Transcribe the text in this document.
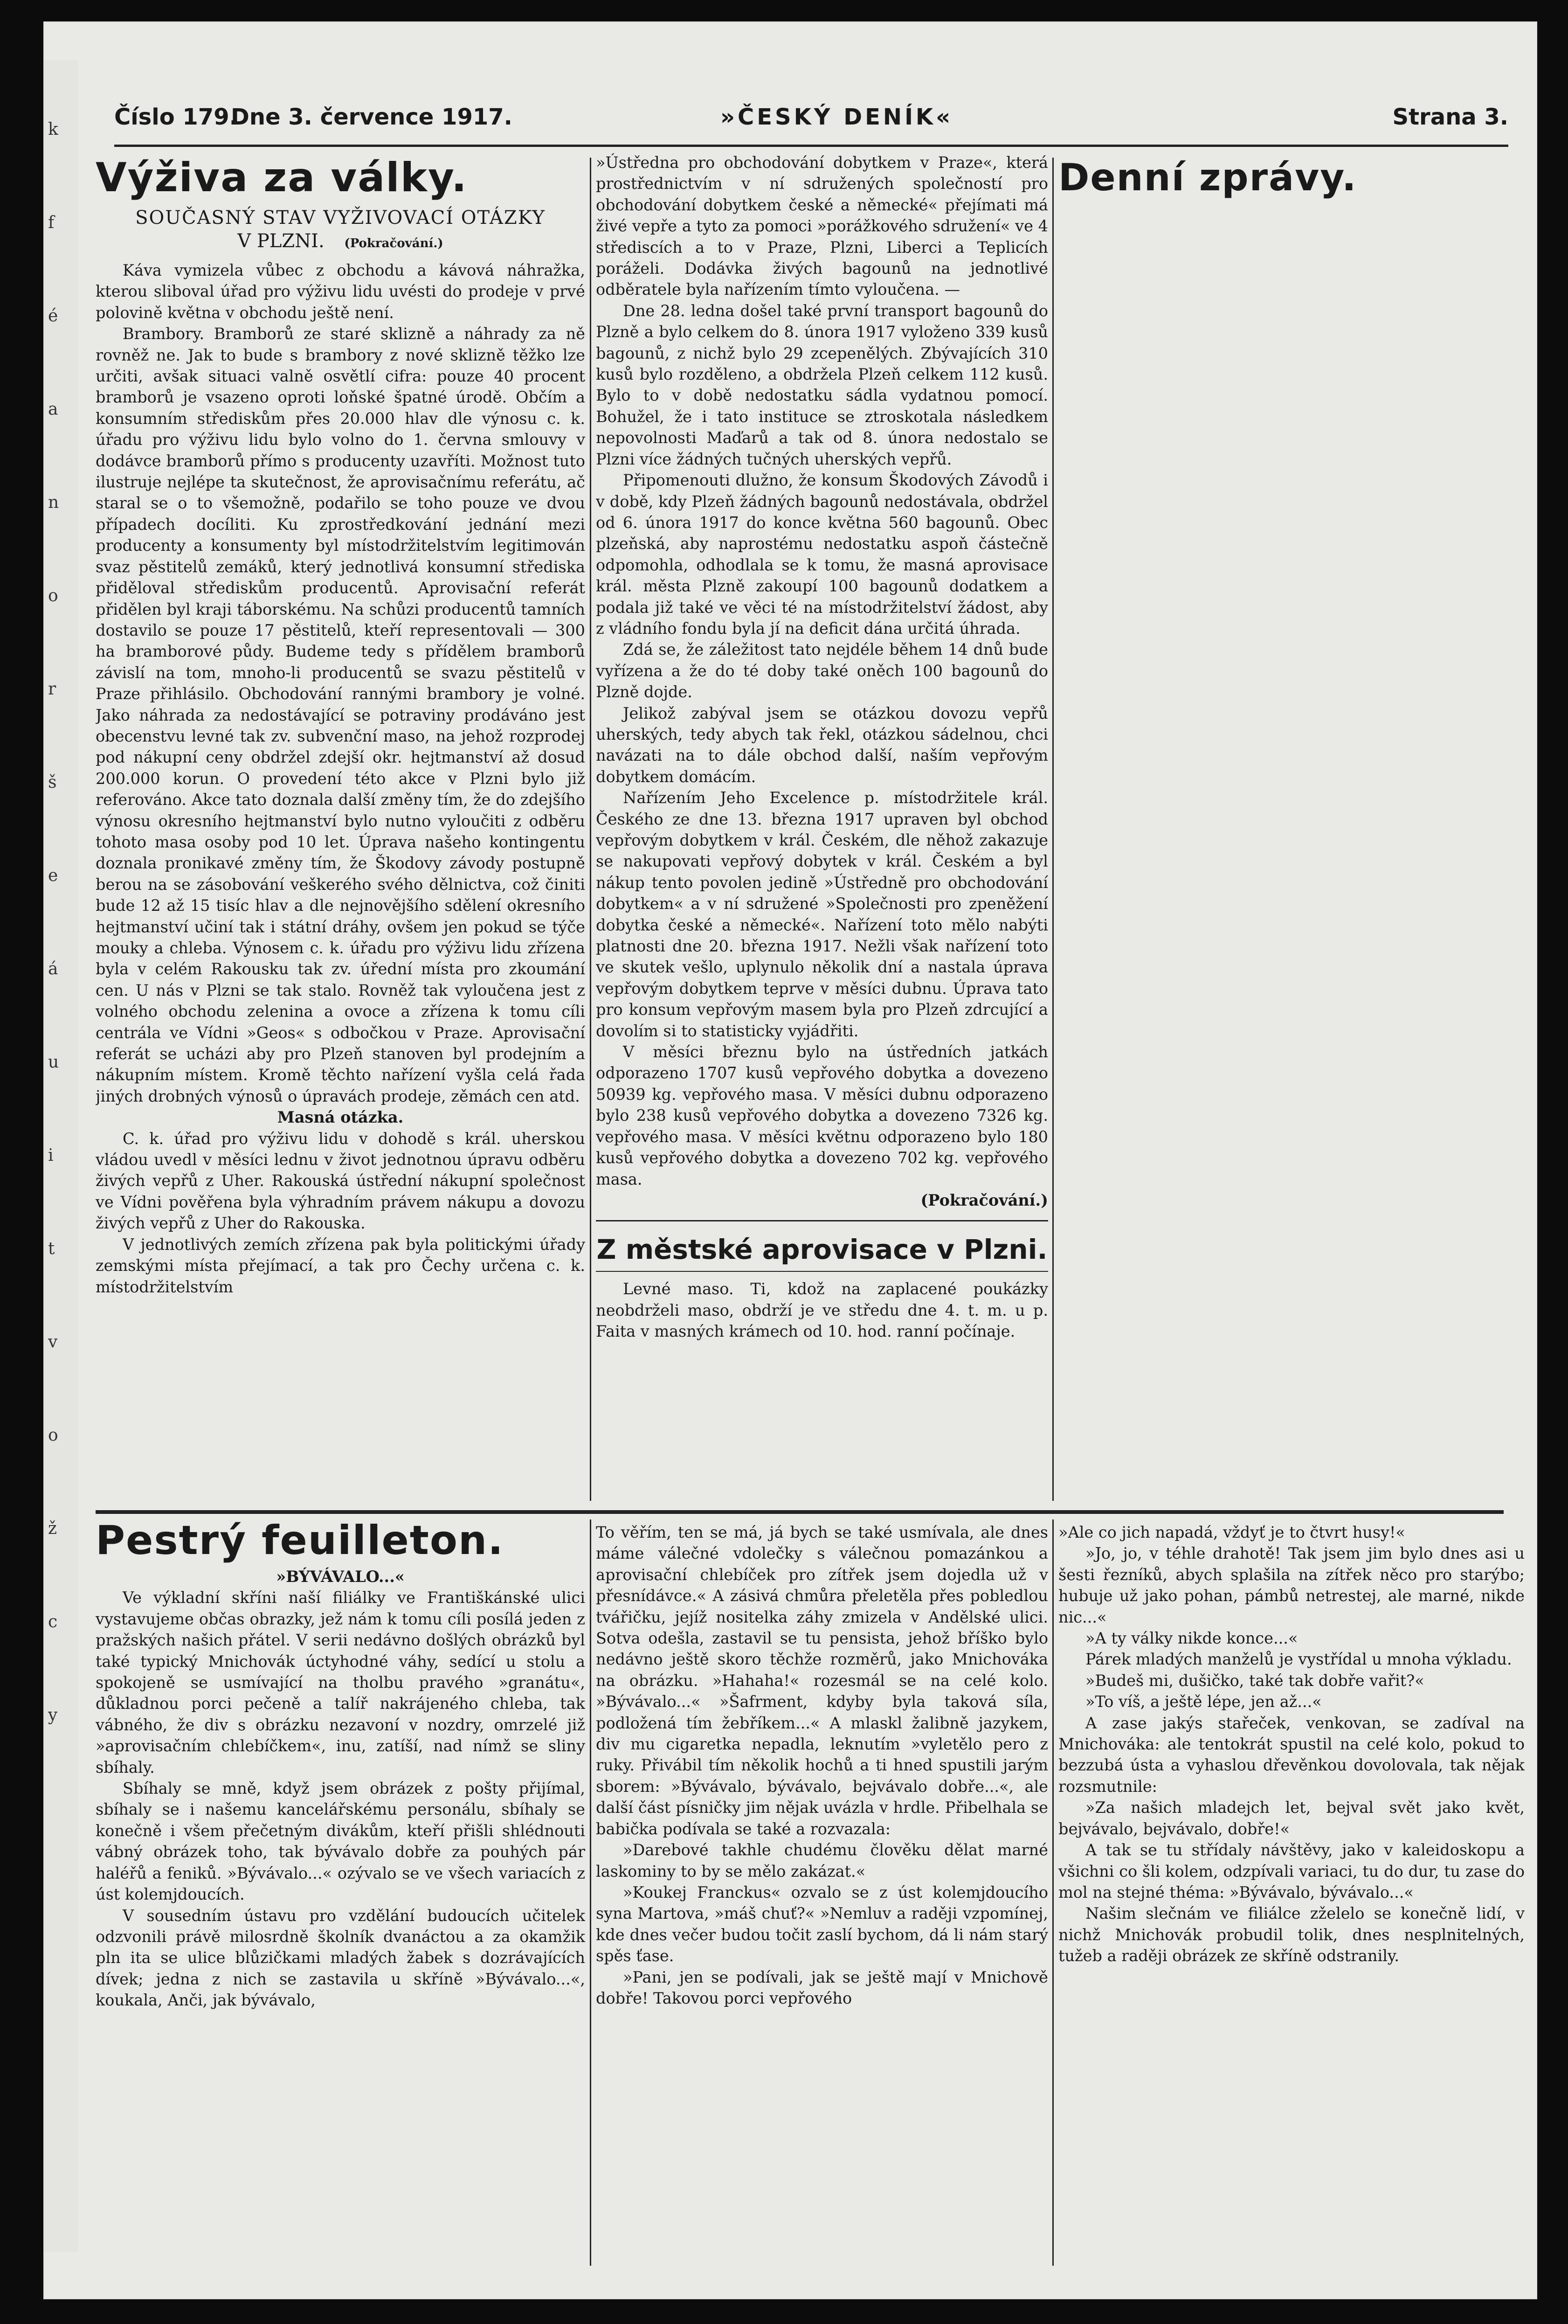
k
f
é
a
n
o
r
š
e
á
u
i
t
v
o
ž
c
y
Číslo 179.
Dne 3. července 1917.	»ČESKÝ DENÍK«	Strana 3.
Výživa za války.
SOUČASNÝ STAV VYŽIVOVACÍ OTÁZKY
V PLZNI. (Pokračování.)

Káva vymizela vůbec z obchodu a kávová náhražka, kterou sliboval úřad pro výživu lidu uvésti do prodeje v prvé polovině května v obchodu ještě není.

Brambory. Bramborů ze staré sklizně a náhrady za ně rovněž ne. Jak to bude s brambory z nové sklizně těžko lze určiti, avšak situaci valně osvětlí cifra: pouze 40 procent bramborů je vsazeno oproti loňské špatné úrodě. Občím a konsumním střediskům přes 20.000 hlav dle výnosu c. k. úřadu pro výživu lidu bylo volno do 1. června smlouvy v dodávce bramborů přímo s producenty uzavříti. Možnost tuto ilustruje nejlépe ta skutečnost, že aprovisačnímu referátu, ač staral se o to všemožně, podařilo se toho pouze ve dvou případech docíliti. Ku zprostředkování jednání mezi producenty a konsumenty byl místodržitelstvím legitimován svaz pěstitelů zemáků, který jednotlivá konsumní střediska přiděloval střediskům producentů. Aprovisační referát přidělen byl kraji táborskému. Na schůzi producentů tamních dostavilo se pouze 17 pěstitelů, kteří representovali — 300 ha bramborové půdy. Budeme tedy s přídělem bramborů závislí na tom, mnoho-li producentů se svazu pěstitelů v Praze přihlásilo. Obchodování rannými brambory je volné. Jako náhrada za nedostávající se potraviny prodáváno jest obecenstvu levné tak zv. subvenční maso, na jehož rozprodej pod nákupní ceny obdržel zdejší okr. hejtmanství až dosud 200.000 korun. O provedení této akce v Plzni bylo již referováno. Akce tato doznala další změny tím, že do zdejšího výnosu okresního hejtmanství bylo nutno vyloučiti z odběru tohoto masa osoby pod 10 let. Úprava našeho kontingentu doznala pronikavé změny tím, že Škodovy závody postupně berou na se zásobování veškerého svého dělnictva, což činiti bude 12 až 15 tisíc hlav a dle nejnovějšího sdělení okresního hejtmanství učiní tak i státní dráhy, ovšem jen pokud se týče mouky a chleba. Výnosem c. k. úřadu pro výživu lidu zřízena byla v celém Rakousku tak zv. úřední místa pro zkoumání cen. U nás v Plzni se tak stalo. Rovněž tak vyloučena jest z volného obchodu zelenina a ovoce a zřízena k tomu cíli centrála ve Vídni »Geos« s odbočkou v Praze. Aprovisační referát se ucházi aby pro Plzeň stanoven byl prodejním a nákupním místem. Kromě těchto nařízení vyšla celá řada jiných drobných výnosů o úpravách prodeje, zěmách cen atd.

Masná otázka.

C. k. úřad pro výživu lidu v dohodě s král. uherskou vládou uvedl v měsíci lednu v život jednotnou úpravu odběru živých vepřů z Uher. Rakouská ústřední nákupní společnost ve Vídni pověřena byla výhradním právem nákupu a dovozu živých vepřů z Uher do Rakouska.

V jednotlivých zemích zřízena pak byla politickými úřady zemskými místa přejímací, a tak pro Čechy určena c. k. místodržitelstvím

»Ústředna pro obchodování dobytkem v Praze«, která prostřednictvím v ní sdružených společností pro obchodování dobytkem české a německé« přejímati má živé vepře a tyto za pomoci »porážkového sdružení« ve 4 střediscích a to v Praze, Plzni, Liberci a Teplicích poráželi. Dodávka živých bagounů na jednotlivé odběratele byla nařízením tímto vyloučena. —

Dne 28. ledna došel také první transport bagounů do Plzně a bylo celkem do 8. února 1917 vyloženo 339 kusů bagounů, z nichž bylo 29 zcepenělých. Zbývajících 310 kusů bylo rozděleno, a obdržela Plzeň celkem 112 kusů. Bylo to v době nedostatku sádla vydatnou pomocí. Bohužel, že i tato instituce se ztroskotala následkem nepovolnosti Maďarů a tak od 8. února nedostalo se Plzni více žádných tučných uherských vepřů.

Připomenouti dlužno, že konsum Škodových Závodů i v době, kdy Plzeň žádných bagounů nedostávala, obdržel od 6. února 1917 do konce května 560 bagounů. Obec plzeňská, aby naprostému nedostatku aspoň částečně odpomohla, odhodlala se k tomu, že masná aprovisace král. města Plzně zakoupí 100 bagounů dodatkem a podala již také ve věci té na místodržitelství žádost, aby z vládního fondu byla jí na deficit dána určitá úhrada.

Zdá se, že záležitost tato nejdéle během 14 dnů bude vyřízena a že do té doby také oněch 100 bagounů do Plzně dojde.

Jelikož zabýval jsem se otázkou dovozu vepřů uherských, tedy abych tak řekl, otázkou sádelnou, chci navázati na to dále obchod další, naším vepřovým dobytkem domácím.

Nařízením Jeho Excelence p. místodržitele král. Českého ze dne 13. března 1917 upraven byl obchod vepřovým dobytkem v král. Českém, dle něhož zakazuje se nakupovati vepřový dobytek v král. Českém a byl nákup tento povolen jedině »Ústředně pro obchodování dobytkem« a v ní sdružené »Společnosti pro zpeněžení dobytka české a německé«. Nařízení toto mělo nabýti platnosti dne 20. března 1917. Nežli však nařízení toto ve skutek vešlo, uplynulo několik dní a nastala úprava vepřovým dobytkem teprve v měsíci dubnu. Úprava tato pro konsum vepřovým masem byla pro Plzeň zdrcující a dovolím si to statisticky vyjádřiti.

V měsíci březnu bylo na ústředních jatkách odporazeno 1707 kusů vepřového dobytka a dovezeno 50939 kg. vepřového masa. V měsíci dubnu odporazeno bylo 238 kusů vepřového dobytka a dovezeno 7326 kg. vepřového masa. V měsíci květnu odporazeno bylo 180 kusů vepřového dobytka a dovezeno 702 kg. vepřového masa.

(Pokračování.)

Z městské aprovisace v Plzni.

Levné maso. Ti, kdož na zaplacené poukázky neobdrželi maso, obdrží je ve středu dne 4. t. m. u p. Faita v masných krámech od 10. hod. ranní počínaje.

Denní zprávy.
Pestrý feuilleton.

»BÝVÁVALO...«

Ve výkladní skříni naší filiálky ve Františkánské ulici vystavujeme občas obrazky, jež nám k tomu cíli posílá jeden z pražských našich přátel. V serii nedávno došlých obrázků byl také typický Mnichovák úctyhodné váhy, sedící u stolu a spokojeně se usmívající na tholbu pravého »granátu«, důkladnou porci pečeně a talíř nakrájeného chleba, tak vábného, že div s obrázku nezavoní v nozdry, omrzelé již »aprovisačním chlebíčkem«, inu, zatíší, nad nímž se sliny sbíhaly.

Sbíhaly se mně, když jsem obrázek z pošty přijímal, sbíhaly se i našemu kancelářskému personálu, sbíhaly se konečně i všem přečetným divákům, kteří přišli shlédnouti vábný obrázek toho, tak bývávalo dobře za pouhých pár haléřů a feniků. »Bývávalo...« ozývalo se ve všech variacích z úst kolemjdoucích.

V sousedním ústavu pro vzdělání budoucích učitelek odzvonili právě milosrdně školník dvanáctou a za okamžik pln ita se ulice blůzičkami mladých žabek s dozrávajících dívek; jedna z nich se zastavila u skříně »Bývávalo...«, koukala, Anči, jak bývávalo,

To věřím, ten se má, já bych se také usmívala, ale dnes máme válečné vdolečky s válečnou pomazánkou a aprovisační chlebíček pro zítřek jsem dojedla už v přesnídávce.« A zásivá chmůra přeletěla přes pobledlou tvářičku, jejíž nositelka záhy zmizela v Andělské ulici. Sotva odešla, zastavil se tu pensista, jehož bříško bylo nedávno ještě skoro těchže rozměrů, jako Mnichováka na obrázku. »Hahaha!« rozesmál se na celé kolo. »Bývávalo...« »Šafrment, kdyby byla taková síla, podložená tím žebříkem...« A mlaskl žalibně jazykem, div mu cigaretka nepadla, leknutím »vyletělo pero z ruky. Přivábil tím několik hochů a ti hned spustili jarým sborem: »Bývávalo, bývávalo, bejvávalo dobře...«, ale další část písničky jim nějak uvázla v hrdle. Přibelhala se babička podívala se také a rozvazala:

»Darebové takhle chudému člověku dělat marné laskominy to by se mělo zakázat.«

»Koukej Franckus« ozvalo se z úst kolemjdoucího syna Martova, »máš chuť?« »Nemluv a raději vzpomínej, kde dnes večer budou točit zaslí bychom, dá li nám starý spěs ťase.

»Pani, jen se podívali, jak se ještě mají v Mnichově dobře! Takovou porci vepřového

»Ale co jich napadá, vždyť je to čtvrt husy!«

»Jo, jo, v téhle drahotě! Tak jsem jim bylo dnes asi u šesti řezníků, abych splašila na zítřek něco pro starýbo; hubuje už jako pohan, pámbů netrestej, ale marné, nikde nic...«

»A ty války nikde konce...«

Párek mladých manželů je vystřídal u mnoha výkladu.

»Budeš mi, dušičko, také tak dobře vařit?«

»To víš, a ještě lépe, jen až...«

A zase jakýs stařeček, venkovan, se zadíval na Mnichováka: ale tentokrát spustil na celé kolo, pokud to bezzubá ústa a vyhaslou dřevěnkou dovolovala, tak nějak rozsmutnile:

»Za našich mladejch let, bejval svět jako květ, bejvávalo, bejvávalo, dobře!«

A tak se tu střídaly návštěvy, jako v kaleidoskopu a všichni co šli kolem, odzpívali variaci, tu do dur, tu zase do mol na stejné théma: »Bývávalo, bývávalo...«

Našim slečnám ve filiálce zželelo se konečně lidí, v nichž Mnichovák probudil tolik, dnes nesplnitelných, tužeb a raději obrázek ze skříně odstranily.
